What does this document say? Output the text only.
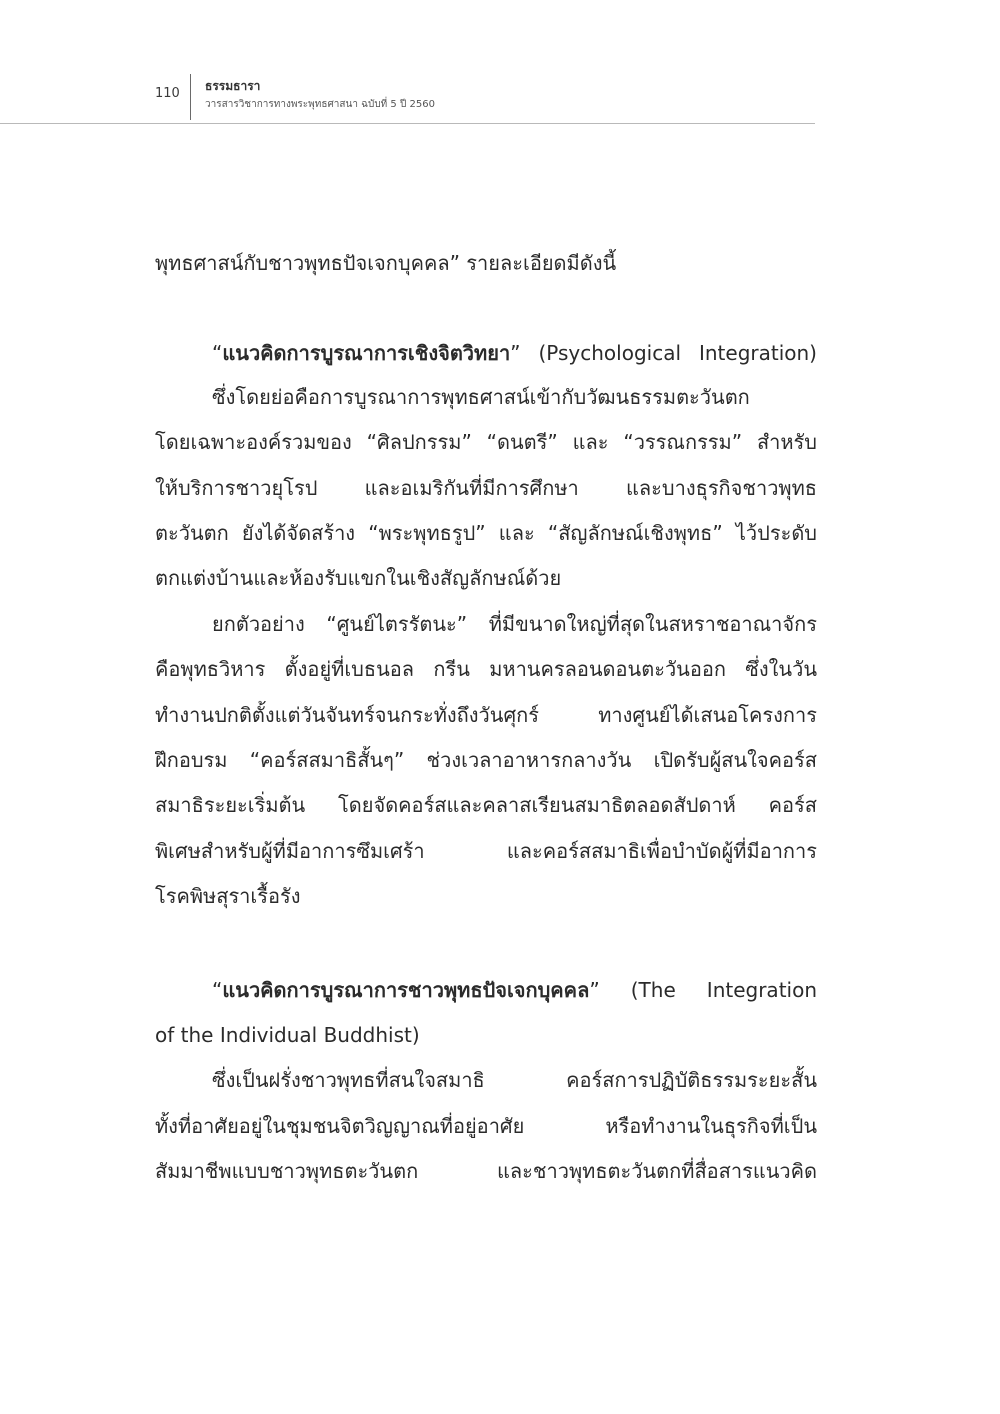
110 ธรรมธารา
วารสารวิชาการทางพระพุทธศาสนา ฉบับที่ 5 ปี 2560
พุทธศาสน์กับชาวพุทธปัจเจกบุคคล” รายละเอียดมีดังนี้
“แนวคิดการบูรณาการเชิงจิตวิทยา” (Psychological Integration)
ซึ่งโดยย่อคือการบูรณาการพุทธศาสน์เข้ากับวัฒนธรรมตะวันตก
โดยเฉพาะองค์รวมของ “ศิลปกรรม” “ดนตรี” และ “วรรณกรรม” สำหรับ
ให้บริการชาวยุโรป และอเมริกันที่มีการศึกษา และบางธุรกิจชาวพุทธ
ตะวันตก ยังได้จัดสร้าง “พระพุทธรูป” และ “สัญลักษณ์เชิงพุทธ” ไว้ประดับ
ตกแต่งบ้านและห้องรับแขกในเชิงสัญลักษณ์ด้วย
ยกตัวอย่าง “ศูนย์ไตรรัตนะ” ที่มีขนาดใหญ่ที่สุดในสหราชอาณาจักร
คือพุทธวิหาร ตั้งอยู่ที่เบธนอล กรีน มหานครลอนดอนตะวันออก ซึ่งในวัน
ทำงานปกติตั้งแต่วันจันทร์จนกระทั่งถึงวันศุกร์ ทางศูนย์ได้เสนอโครงการ
ฝึกอบรม “คอร์สสมาธิสั้นๆ” ช่วงเวลาอาหารกลางวัน เปิดรับผู้สนใจคอร์ส
สมาธิระยะเริ่มต้น โดยจัดคอร์สและคลาสเรียนสมาธิตลอดสัปดาห์ คอร์ส
พิเศษสำหรับผู้ที่มีอาการซึมเศร้า และคอร์สสมาธิเพื่อบำบัดผู้ที่มีอาการ
โรคพิษสุราเรื้อรัง
“แนวคิดการบูรณาการชาวพุทธปัจเจกบุคคล” (The Integration
of the Individual Buddhist)
ซึ่งเป็นฝรั่งชาวพุทธที่สนใจสมาธิ คอร์สการปฏิบัติธรรมระยะสั้น
ทั้งที่อาศัยอยู่ในชุมชนจิตวิญญาณที่อยู่อาศัย หรือทำงานในธุรกิจที่เป็น
สัมมาชีพแบบชาวพุทธตะวันตก และชาวพุทธตะวันตกที่สื่อสารแนวคิด
